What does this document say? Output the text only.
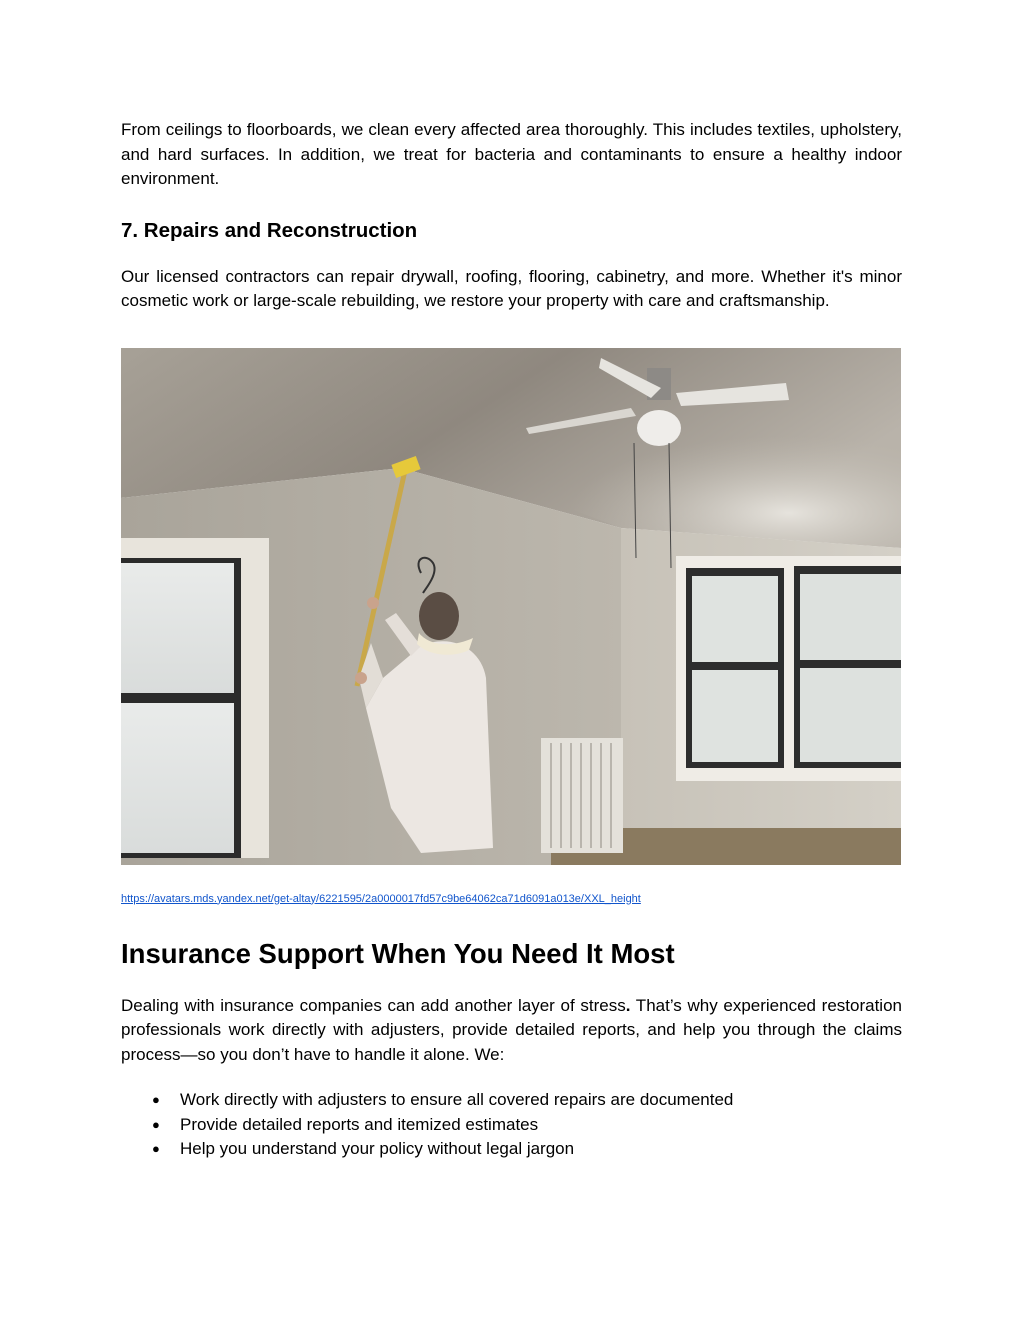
From ceilings to floorboards, we clean every affected area thoroughly. This includes textiles, upholstery, and hard surfaces. In addition, we treat for bacteria and contaminants to ensure a healthy indoor environment.

7. Repairs and Reconstruction

Our licensed contractors can repair drywall, roofing, flooring, cabinetry, and more. Whether it's minor cosmetic work or large-scale rebuilding, we restore your property with care and craftsmanship.

https://avatars.mds.yandex.net/get-altay/6221595/2a0000017fd57c9be64062ca71d6091a013e/XXL_height
Insurance Support When You Need It Most

Dealing with insurance companies can add another layer of stress. That’s why experienced restoration professionals work directly with adjusters, provide detailed reports, and help you through the claims process—so you don’t have to handle it alone. We:

● Work directly with adjusters to ensure all covered repairs are documented
● Provide detailed reports and itemized estimates
● Help you understand your policy without legal jargon
